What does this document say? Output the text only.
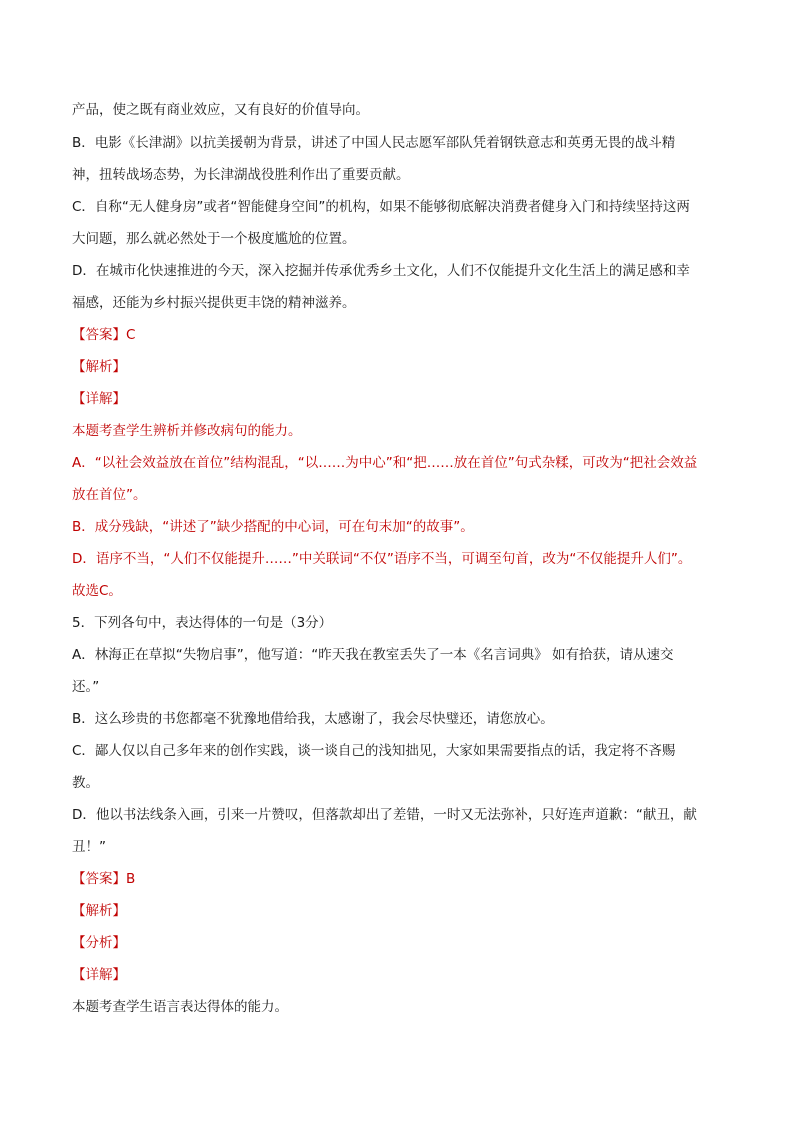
产品，使之既有商业效应，又有良好的价值导向。
B．电影《长津湖》以抗美援朝为背景，讲述了中国人民志愿军部队凭着钢铁意志和英勇无畏的战斗精
神，扭转战场态势，为长津湖战役胜利作出了重要贡献。
C．自称“无人健身房”或者“智能健身空间”的机构，如果不能够彻底解决消费者健身入门和持续坚持这两
大问题，那么就必然处于一个极度尴尬的位置。
D．在城市化快速推进的今天，深入挖掘并传承优秀乡土文化，人们不仅能提升文化生活上的满足感和幸
福感，还能为乡村振兴提供更丰饶的精神滋养。
【答案】C
【解析】
【详解】
本题考查学生辨析并修改病句的能力。
A．“以社会效益放在首位”结构混乱，“以……为中心”和“把……放在首位”句式杂糅，可改为“把社会效益
放在首位”。
B．成分残缺，“讲述了”缺少搭配的中心词，可在句末加“的故事”。
D．语序不当，“人们不仅能提升……”中关联词“不仅”语序不当，可调至句首，改为“不仅能提升人们”。
故选C。
5．下列各句中，表达得体的一句是（3分）
A．林海正在草拟“失物启事”，他写道：“昨天我在教室丢失了一本《名言词典》 如有拾获，请从速交
还。”
B．这么珍贵的书您都毫不犹豫地借给我，太感谢了，我会尽快璧还，请您放心。
C．鄙人仅以自己多年来的创作实践，谈一谈自己的浅知拙见，大家如果需要指点的话，我定将不吝赐
教。
D．他以书法线条入画，引来一片赞叹，但落款却出了差错，一时又无法弥补，只好连声道歉：“献丑，献
丑！”
【答案】B
【解析】
【分析】
【详解】
本题考查学生语言表达得体的能力。
